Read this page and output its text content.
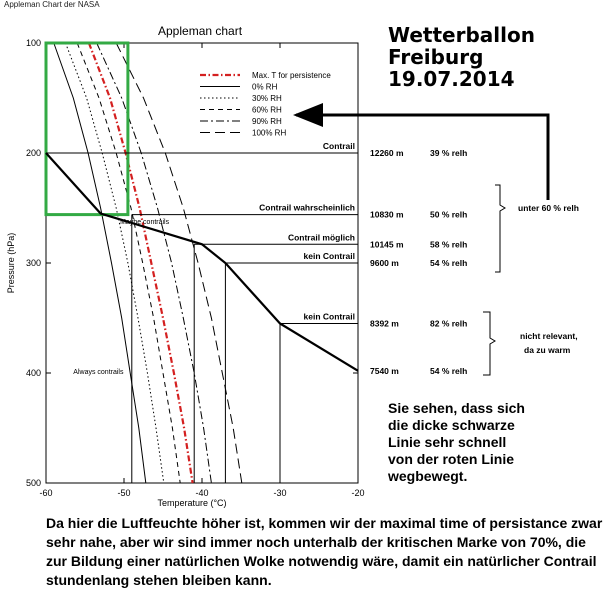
Appleman Chart der NASA
Appleman chart
-60	-50	-40	-30	-20
100
200
300
400
500
Temperature (°C)
Pressure (hPa)
Max. T for persistence
0% RH
30% RH
60% RH
90% RH
100% RH
Maybe contrails
Always contrails
Contrail
12260 m	39 % relh
Contrail wahrscheinlich
10830 m	50 % relh
Contrail möglich
10145 m	58 % relh
kein Contrail
9600 m	54 % relh
kein Contrail
8392 m	82 % relh
7540 m	54 % relh
unter 60 % relh
nicht relevant,
da zu warm
Wetterballon
Freiburg
19.07.2014
Sie sehen, dass sich
die dicke schwarze
Linie sehr schnell
von der roten Linie
wegbewegt.
Da hier die Luftfeuchte höher ist, kommen wir der maximal time of persistance zwar sehr nahe, aber wir sind immer noch unterhalb der kritischen Marke von 70%, die zur Bildung einer natürlichen Wolke notwendig wäre, damit ein natürlicher Contrail stundenlang stehen bleiben kann.
